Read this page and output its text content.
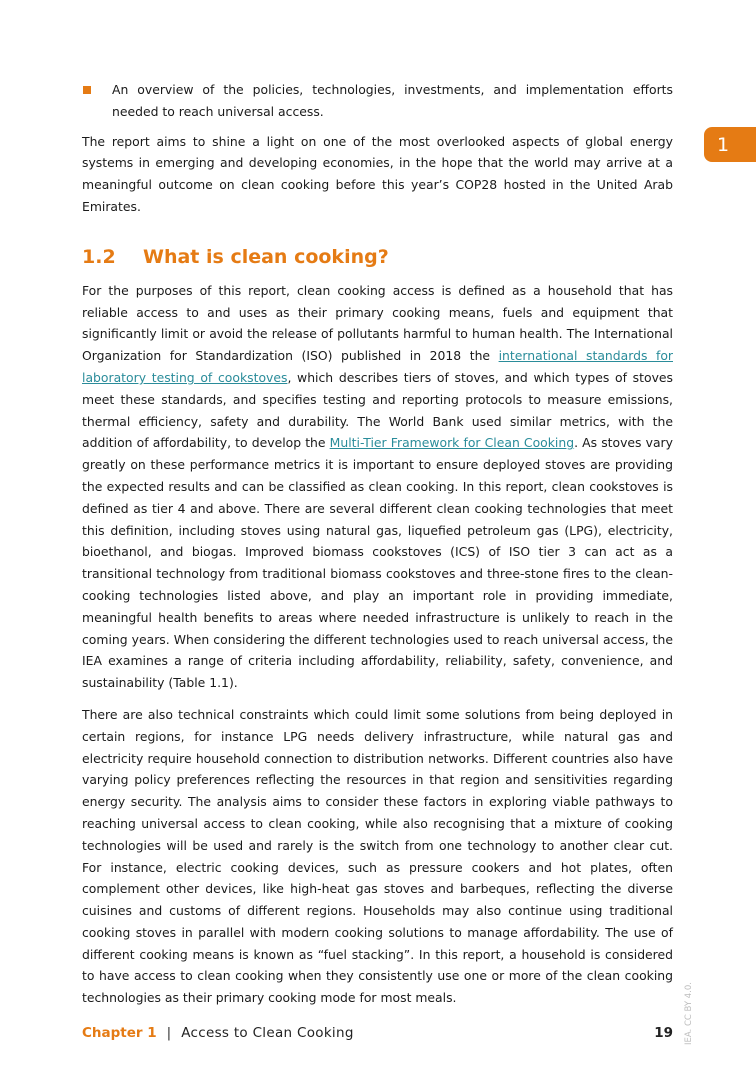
An overview of the policies, technologies, investments, and implementation efforts needed to reach universal access.

The report aims to shine a light on one of the most overlooked aspects of global energy systems in emerging and developing economies, in the hope that the world may arrive at a meaningful outcome on clean cooking before this year’s COP28 hosted in the United Arab Emirates.

1.2	What is clean cooking?

For the purposes of this report, clean cooking access is defined as a household that has reliable access to and uses as their primary cooking means, fuels and equipment that significantly limit or avoid the release of pollutants harmful to human health. The International Organization for Standardization (ISO) published in 2018 the international standards for laboratory testing of cookstoves, which describes tiers of stoves, and which types of stoves meet these standards, and specifies testing and reporting protocols to measure emissions, thermal efficiency, safety and durability. The World Bank used similar metrics, with the addition of affordability, to develop the Multi-Tier Framework for Clean Cooking. As stoves vary greatly on these performance metrics it is important to ensure deployed stoves are providing the expected results and can be classified as clean cooking. In this report, clean cookstoves is defined as tier 4 and above. There are several different clean cooking technologies that meet this definition, including stoves using natural gas, liquefied petroleum gas (LPG), electricity, bioethanol, and biogas. Improved biomass cookstoves (ICS) of ISO tier 3 can act as a transitional technology from traditional biomass cookstoves and three-stone fires to the clean-cooking technologies listed above, and play an important role in providing immediate, meaningful health benefits to areas where needed infrastructure is unlikely to reach in the coming years. When considering the different technologies used to reach universal access, the IEA examines a range of criteria including affordability, reliability, safety, convenience, and sustainability (Table 1.1).

There are also technical constraints which could limit some solutions from being deployed in certain regions, for instance LPG needs delivery infrastructure, while natural gas and electricity require household connection to distribution networks. Different countries also have varying policy preferences reflecting the resources in that region and sensitivities regarding energy security. The analysis aims to consider these factors in exploring viable pathways to reaching universal access to clean cooking, while also recognising that a mixture of cooking technologies will be used and rarely is the switch from one technology to another clear cut. For instance, electric cooking devices, such as pressure cookers and hot plates, often complement other devices, like high-heat gas stoves and barbeques, reflecting the diverse cuisines and customs of different regions. Households may also continue using traditional cooking stoves in parallel with modern cooking solutions to manage affordability. The use of different cooking means is known as “fuel stacking”. In this report, a household is considered to have access to clean cooking when they consistently use one or more of the clean cooking technologies as their primary cooking mode for most meals.

1
Chapter 1 | Access to Clean Cooking	19 IEA. CC BY 4.0.
